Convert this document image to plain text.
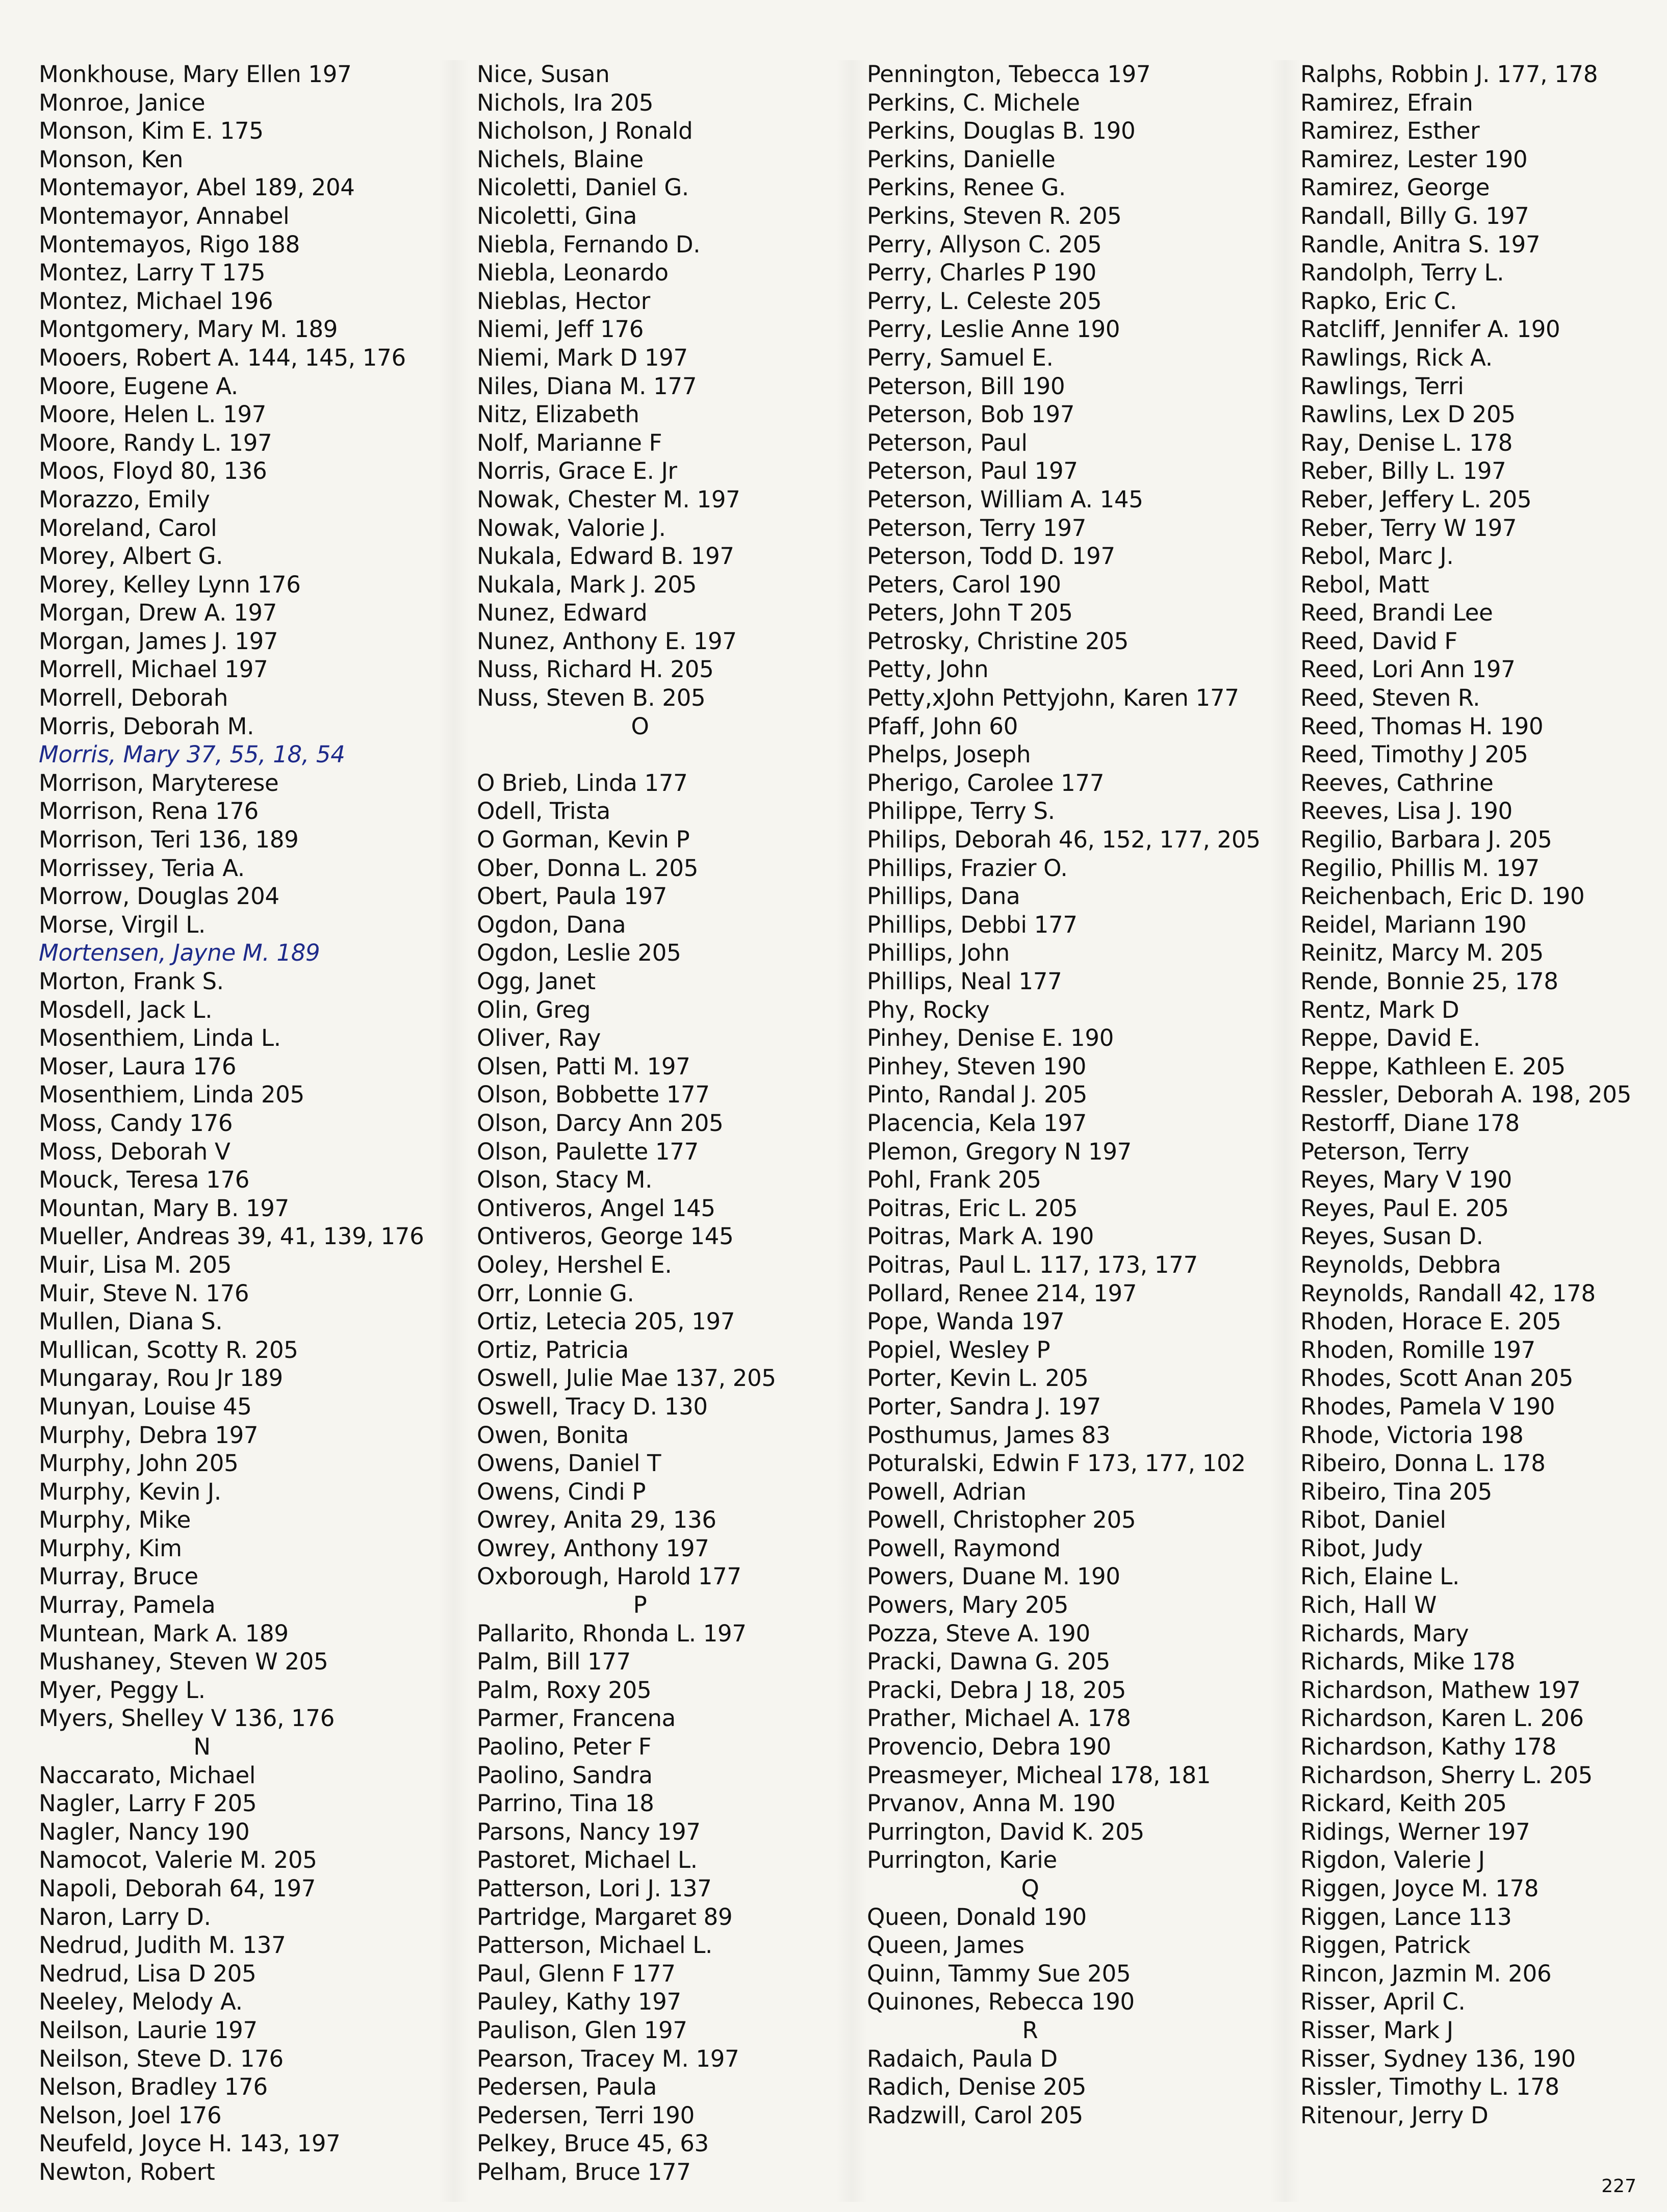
Monkhouse, Mary Ellen 197
Monroe, Janice
Monson, Kim E. 175
Monson, Ken
Montemayor, Abel 189, 204
Montemayor, Annabel
Montemayos, Rigo 188
Montez, Larry T 175
Montez, Michael 196
Montgomery, Mary M. 189
Mooers, Robert A. 144, 145, 176
Moore, Eugene A.
Moore, Helen L. 197
Moore, Randy L. 197
Moos, Floyd 80, 136
Morazzo, Emily
Moreland, Carol
Morey, Albert G.
Morey, Kelley Lynn 176
Morgan, Drew A. 197
Morgan, James J. 197
Morrell, Michael 197
Morrell, Deborah
Morris, Deborah M.
Morris, Mary 37, 55, 18, 54
Morrison, Maryterese
Morrison, Rena 176
Morrison, Teri 136, 189
Morrissey, Teria A.
Morrow, Douglas 204
Morse, Virgil L.
Mortensen, Jayne M. 189
Morton, Frank S.
Mosdell, Jack L.
Mosenthiem, Linda L.
Moser, Laura 176
Mosenthiem, Linda 205
Moss, Candy 176
Moss, Deborah V
Mouck, Teresa 176
Mountan, Mary B. 197
Mueller, Andreas 39, 41, 139, 176
Muir, Lisa M. 205
Muir, Steve N. 176
Mullen, Diana S.
Mullican, Scotty R. 205
Mungaray, Rou Jr 189
Munyan, Louise 45
Murphy, Debra 197
Murphy, John 205
Murphy, Kevin J.
Murphy, Mike
Murphy, Kim
Murray, Bruce
Murray, Pamela
Muntean, Mark A. 189
Mushaney, Steven W 205
Myer, Peggy L.
Myers, Shelley V 136, 176
N
Naccarato, Michael
Nagler, Larry F 205
Nagler, Nancy 190
Namocot, Valerie M. 205
Napoli, Deborah 64, 197
Naron, Larry D.
Nedrud, Judith M. 137
Nedrud, Lisa D 205
Neeley, Melody A.
Neilson, Laurie 197
Neilson, Steve D. 176
Nelson, Bradley 176
Nelson, Joel 176
Neufeld, Joyce H. 143, 197
Newton, Robert
Nice, Susan
Nichols, Ira 205
Nicholson, J Ronald
Nichels, Blaine
Nicoletti, Daniel G.
Nicoletti, Gina
Niebla, Fernando D.
Niebla, Leonardo
Nieblas, Hector
Niemi, Jeff 176
Niemi, Mark D 197
Niles, Diana M. 177
Nitz, Elizabeth
Nolf, Marianne F
Norris, Grace E. Jr
Nowak, Chester M. 197
Nowak, Valorie J.
Nukala, Edward B. 197
Nukala, Mark J. 205
Nunez, Edward
Nunez, Anthony E. 197
Nuss, Richard H. 205
Nuss, Steven B. 205
O
O Brieb, Linda 177
Odell, Trista
O Gorman, Kevin P
Ober, Donna L. 205
Obert, Paula 197
Ogdon, Dana
Ogdon, Leslie 205
Ogg, Janet
Olin, Greg
Oliver, Ray
Olsen, Patti M. 197
Olson, Bobbette 177
Olson, Darcy Ann 205
Olson, Paulette 177
Olson, Stacy M.
Ontiveros, Angel 145
Ontiveros, George 145
Ooley, Hershel E.
Orr, Lonnie G.
Ortiz, Letecia 205, 197
Ortiz, Patricia
Oswell, Julie Mae 137, 205
Oswell, Tracy D. 130
Owen, Bonita
Owens, Daniel T
Owens, Cindi P
Owrey, Anita 29, 136
Owrey, Anthony 197
Oxborough, Harold 177
P
Pallarito, Rhonda L. 197
Palm, Bill 177
Palm, Roxy 205
Parmer, Francena
Paolino, Peter F
Paolino, Sandra
Parrino, Tina 18
Parsons, Nancy 197
Pastoret, Michael L.
Patterson, Lori J. 137
Partridge, Margaret 89
Patterson, Michael L.
Paul, Glenn F 177
Pauley, Kathy 197
Paulison, Glen 197
Pearson, Tracey M. 197
Pedersen, Paula
Pedersen, Terri 190
Pelkey, Bruce 45, 63
Pelham, Bruce 177
Pennington, Tebecca 197
Perkins, C. Michele
Perkins, Douglas B. 190
Perkins, Danielle
Perkins, Renee G.
Perkins, Steven R. 205
Perry, Allyson C. 205
Perry, Charles P 190
Perry, L. Celeste 205
Perry, Leslie Anne 190
Perry, Samuel E.
Peterson, Bill 190
Peterson, Bob 197
Peterson, Paul
Peterson, Paul 197
Peterson, William A. 145
Peterson, Terry 197
Peterson, Todd D. 197
Peters, Carol 190
Peters, John T 205
Petrosky, Christine 205
Petty, John
Petty,xJohn Pettyjohn, Karen 177
Pfaff, John 60
Phelps, Joseph
Pherigo, Carolee 177
Philippe, Terry S.
Philips, Deborah 46, 152, 177, 205
Phillips, Frazier O.
Phillips, Dana
Phillips, Debbi 177
Phillips, John
Phillips, Neal 177
Phy, Rocky
Pinhey, Denise E. 190
Pinhey, Steven 190
Pinto, Randal J. 205
Placencia, Kela 197
Plemon, Gregory N 197
Pohl, Frank 205
Poitras, Eric L. 205
Poitras, Mark A. 190
Poitras, Paul L. 117, 173, 177
Pollard, Renee 214, 197
Pope, Wanda 197
Popiel, Wesley P
Porter, Kevin L. 205
Porter, Sandra J. 197
Posthumus, James 83
Poturalski, Edwin F 173, 177, 102
Powell, Adrian
Powell, Christopher 205
Powell, Raymond
Powers, Duane M. 190
Powers, Mary 205
Pozza, Steve A. 190
Pracki, Dawna G. 205
Pracki, Debra J 18, 205
Prather, Michael A. 178
Provencio, Debra 190
Preasmeyer, Micheal 178, 181
Prvanov, Anna M. 190
Purrington, David K. 205
Purrington, Karie
Q
Queen, Donald 190
Queen, James
Quinn, Tammy Sue 205
Quinones, Rebecca 190
R
Radaich, Paula D
Radich, Denise 205
Radzwill, Carol 205
Ralphs, Robbin J. 177, 178
Ramirez, Efrain
Ramirez, Esther
Ramirez, Lester 190
Ramirez, George
Randall, Billy G. 197
Randle, Anitra S. 197
Randolph, Terry L.
Rapko, Eric C.
Ratcliff, Jennifer A. 190
Rawlings, Rick A.
Rawlings, Terri
Rawlins, Lex D 205
Ray, Denise L. 178
Reber, Billy L. 197
Reber, Jeffery L. 205
Reber, Terry W 197
Rebol, Marc J.
Rebol, Matt
Reed, Brandi Lee
Reed, David F
Reed, Lori Ann 197
Reed, Steven R.
Reed, Thomas H. 190
Reed, Timothy J 205
Reeves, Cathrine
Reeves, Lisa J. 190
Regilio, Barbara J. 205
Regilio, Phillis M. 197
Reichenbach, Eric D. 190
Reidel, Mariann 190
Reinitz, Marcy M. 205
Rende, Bonnie 25, 178
Rentz, Mark D
Reppe, David E.
Reppe, Kathleen E. 205
Ressler, Deborah A. 198, 205
Restorff, Diane 178
Peterson, Terry
Reyes, Mary V 190
Reyes, Paul E. 205
Reyes, Susan D.
Reynolds, Debbra
Reynolds, Randall 42, 178
Rhoden, Horace E. 205
Rhoden, Romille 197
Rhodes, Scott Anan 205
Rhodes, Pamela V 190
Rhode, Victoria 198
Ribeiro, Donna L. 178
Ribeiro, Tina 205
Ribot, Daniel
Ribot, Judy
Rich, Elaine L.
Rich, Hall W
Richards, Mary
Richards, Mike 178
Richardson, Mathew 197
Richardson, Karen L. 206
Richardson, Kathy 178
Richardson, Sherry L. 205
Rickard, Keith 205
Ridings, Werner 197
Rigdon, Valerie J
Riggen, Joyce M. 178
Riggen, Lance 113
Riggen, Patrick
Rincon, Jazmin M. 206
Risser, April C.
Risser, Mark J
Risser, Sydney 136, 190
Rissler, Timothy L. 178
Ritenour, Jerry D
227
